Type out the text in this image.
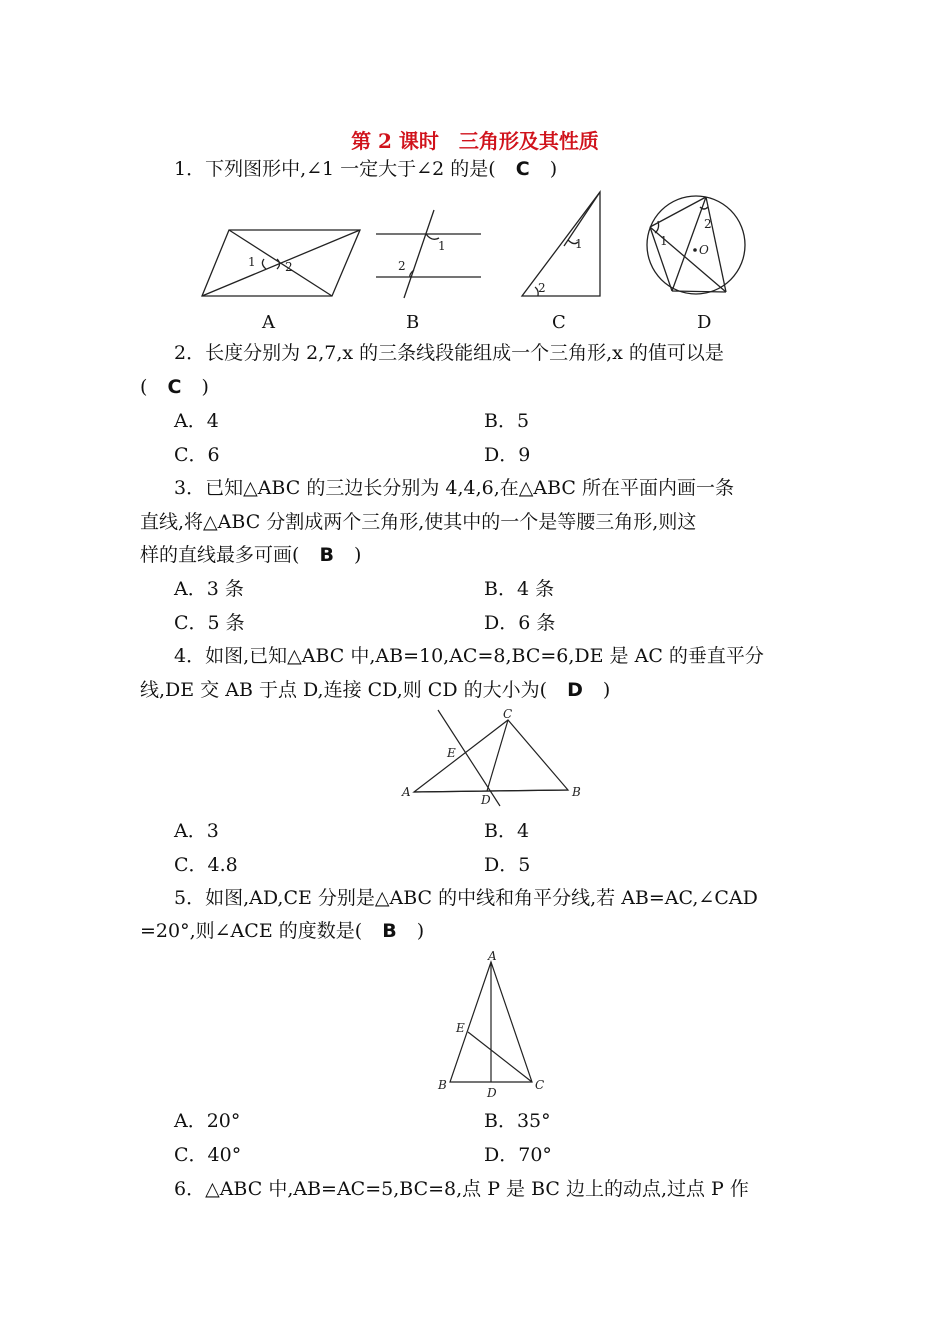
第 2 课时　三角形及其性质
1．下列图形中,∠1 一定大于∠2 的是( C )
1 2
A
1
2
B
1
2
C
1
2
O
D
2．长度分别为 2,7,x 的三条线段能组成一个三角形,x 的值可以是
( C )
A．4	B．5
C．6	D．9
3．已知△ABC 的三边长分别为 4,4,6,在△ABC 所在平面内画一条
直线,将△ABC 分割成两个三角形,使其中的一个是等腰三角形,则这
样的直线最多可画( B )
A．3 条	B．4 条
C．5 条	D．6 条
4．如图,已知△ABC 中,AB=10,AC=8,BC=6,DE 是 AC 的垂直平分
线,DE 交 AB 于点 D,连接 CD,则 CD 的大小为( D )
A	B
C
D
E
A．3	B．4
C．4.8	D．5
5．如图,AD,CE 分别是△ABC 的中线和角平分线,若 AB=AC,∠CAD
=20°,则∠ACE 的度数是( B )
A
B	C
D
E
A．20°	B．35°
C．40°	D．70°
6．△ABC 中,AB=AC=5,BC=8,点 P 是 BC 边上的动点,过点 P 作
